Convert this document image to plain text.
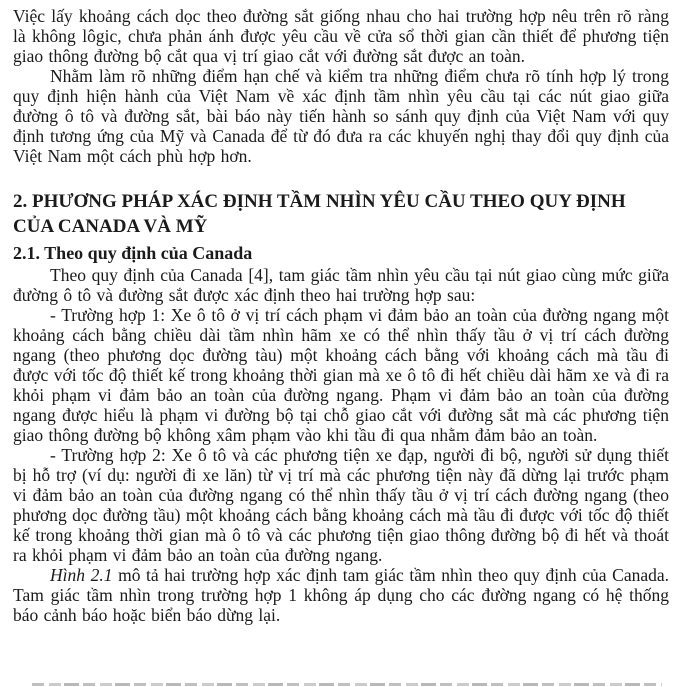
Việc lấy khoảng cách dọc theo đường sắt giống nhau cho hai trường hợp nêu trên rõ ràng là không lôgic, chưa phản ánh được yêu cầu về cửa sổ thời gian cần thiết để phương tiện giao thông đường bộ cắt qua vị trí giao cắt với đường sắt được an toàn.

Nhằm làm rõ những điểm hạn chế và kiểm tra những điểm chưa rõ tính hợp lý trong quy định hiện hành của Việt Nam về xác định tầm nhìn yêu cầu tại các nút giao giữa đường ô tô và đường sắt, bài báo này tiến hành so sánh quy định của Việt Nam với quy định tương ứng của Mỹ và Canada để từ đó đưa ra các khuyến nghị thay đổi quy định của Việt Nam một cách phù hợp hơn.

2. PHƯƠNG PHÁP XÁC ĐỊNH TẦM NHÌN YÊU CẦU THEO QUY ĐỊNH
CỦA CANADA VÀ MỸ
2.1. Theo quy định của Canada

Theo quy định của Canada [4], tam giác tầm nhìn yêu cầu tại nút giao cùng mức giữa đường ô tô và đường sắt được xác định theo hai trường hợp sau:

- Trường hợp 1: Xe ô tô ở vị trí cách phạm vi đảm bảo an toàn của đường ngang một khoảng cách bằng chiều dài tầm nhìn hãm xe có thể nhìn thấy tầu ở vị trí cách đường ngang (theo phương dọc đường tàu) một khoảng cách bằng với khoảng cách mà tầu đi được với tốc độ thiết kế trong khoảng thời gian mà xe ô tô đi hết chiều dài hãm xe và đi ra khỏi phạm vi đảm bảo an toàn của đường ngang. Phạm vi đảm bảo an toàn của đường ngang được hiểu là phạm vi đường bộ tại chỗ giao cắt với đường sắt mà các phương tiện giao thông đường bộ không xâm phạm vào khi tầu đi qua nhằm đảm bảo an toàn.

- Trường hợp 2: Xe ô tô và các phương tiện xe đạp, người đi bộ, người sử dụng thiết bị hỗ trợ (ví dụ: người đi xe lăn) từ vị trí mà các phương tiện này đã dừng lại trước phạm vi đảm bảo an toàn của đường ngang có thể nhìn thấy tầu ở vị trí cách đường ngang (theo phương dọc đường tầu) một khoảng cách bằng khoảng cách mà tầu đi được với tốc độ thiết kế trong khoảng thời gian mà ô tô và các phương tiện giao thông đường bộ đi hết và thoát ra khỏi phạm vi đảm bảo an toàn của đường ngang.

Hình 2.1 mô tả hai trường hợp xác định tam giác tầm nhìn theo quy định của Canada. Tam giác tầm nhìn trong trường hợp 1 không áp dụng cho các đường ngang có hệ thống báo cảnh báo hoặc biển báo dừng lại.
